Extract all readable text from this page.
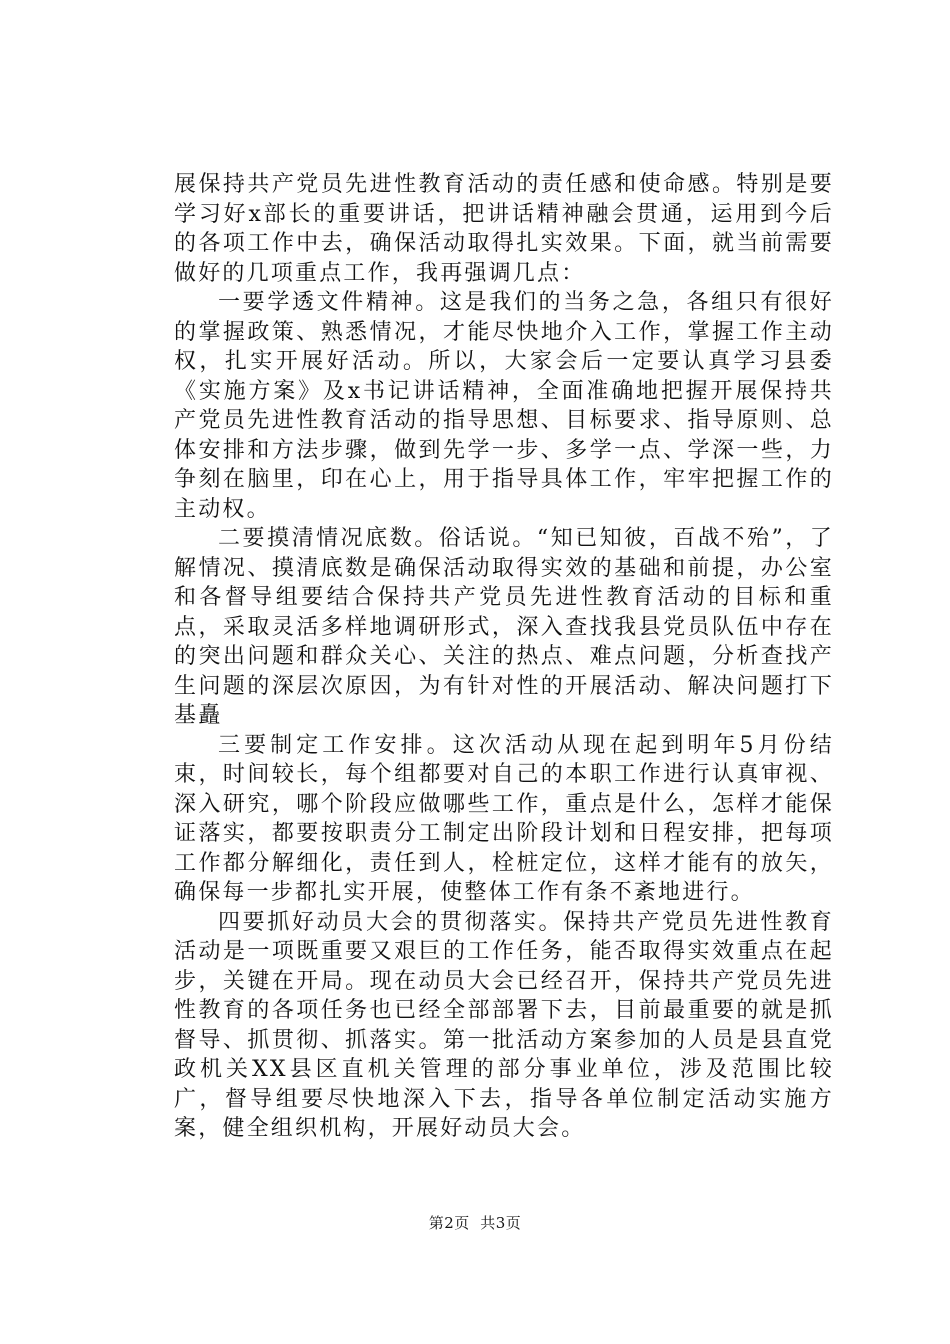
展保持共产党员先进性教育活动的责任感和使命感。特别是要学习好x部长的重要讲话，把讲话精神融会贯通，运用到今后的各项工作中去，确保活动取得扎实效果。下面，就当前需要做好的几项重点工作，我再强调几点：

一要学透文件精神。这是我们的当务之急，各组只有很好的掌握政策、熟悉情况，才能尽快地介入工作，掌握工作主动权，扎实开展好活动。所以，大家会后一定要认真学习县委《实施方案》及x书记讲话精神，全面准确地把握开展保持共产党员先进性教育活动的指导思想、目标要求、指导原则、总体安排和方法步骤，做到先学一步、多学一点、学深一些，力争刻在脑里，印在心上，用于指导具体工作，牢牢把握工作的主动权。

二要摸清情况底数。俗话说。“知已知彼，百战不殆”，了解情况、摸清底数是确保活动取得实效的基础和前提，办公室和各督导组要结合保持共产党员先进性教育活动的目标和重点，采取灵活多样地调研形式，深入查找我县党员队伍中存在的突出问题和群众关心、关注的热点、难点问题，分析查找产生问题的深层次原因，为有针对性的开展活动、解决问题打下基矗

三要制定工作安排。这次活动从现在起到明年5月份结束，时间较长，每个组都要对自己的本职工作进行认真审视、深入研究，哪个阶段应做哪些工作，重点是什么，怎样才能保证落实，都要按职责分工制定出阶段计划和日程安排，把每项工作都分解细化，责任到人，栓桩定位，这样才能有的放矢，确保每一步都扎实开展，使整体工作有条不紊地进行。

四要抓好动员大会的贯彻落实。保持共产党员先进性教育活动是一项既重要又艰巨的工作任务，能否取得实效重点在起步，关键在开局。现在动员大会已经召开，保持共产党员先进性教育的各项任务也已经全部部署下去，目前最重要的就是抓督导、抓贯彻、抓落实。第一批活动方案参加的人员是县直党政机关XX县区直机关管理的部分事业单位，涉及范围比较广，督导组要尽快地深入下去，指导各单位制定活动实施方案，健全组织机构，开展好动员大会。

第2页  共3页
